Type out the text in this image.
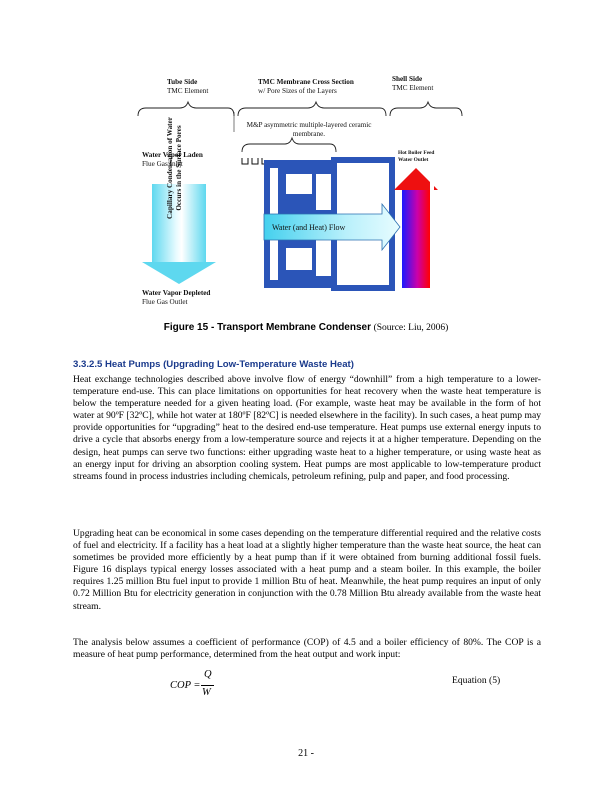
Tube Side
TMC Element
TMC Membrane Cross Section
w/ Pore Sizes of the Layers
Shell Side
TMC Element
M&P asymmetric multiple-layered ceramic
membrane.
Water Vapor Laden
Flue Gas Inlet
Hot Boiler Feed
Water Outlet
Capillary Condensation of Water
Occurs in the Surface Pores
Water (and Heat) Flow
Water Vapor Depleted
Flue Gas Outlet
Figure 15 - Transport Membrane Condenser (Source: Liu, 2006)
3.3.2.5 Heat Pumps (Upgrading Low-Temperature Waste Heat)

Heat exchange technologies described above involve flow of energy “downhill” from a high temperature to a lower-temperature end-use. This can place limitations on opportunities for heat recovery when the waste heat temperature is below the temperature needed for a given heating load. (For example, waste heat may be available in the form of hot water at 90ºF [32ºC], while hot water at 180ºF [82ºC] is needed elsewhere in the facility). In such cases, a heat pump may provide opportunities for “upgrading” heat to the desired end-use temperature. Heat pumps use external energy inputs to drive a cycle that absorbs energy from a low-temperature source and rejects it at a higher temperature. Depending on the design, heat pumps can serve two functions: either upgrading waste heat to a higher temperature, or using waste heat as an energy input for driving an absorption cooling system. Heat pumps are most applicable to low-temperature product streams found in process industries including chemicals, petroleum refining, pulp and paper, and food processing.

Upgrading heat can be economical in some cases depending on the temperature differential required and the relative costs of fuel and electricity. If a facility has a heat load at a slightly higher temperature than the waste heat source, the heat can sometimes be provided more efficiently by a heat pump than if it were obtained from burning additional fossil fuels. Figure 16 displays typical energy losses associated with a heat pump and a steam boiler. In this example, the boiler requires 1.25 million Btu fuel input to provide 1 million Btu of heat. Meanwhile, the heat pump requires an input of only 0.72 Million Btu for electricity generation in conjunction with the 0.78 Million Btu already available from the waste heat stream.

The analysis below assumes a coefficient of performance (COP) of 4.5 and a boiler efficiency of 80%. The COP is a measure of heat pump performance, determined from the heat output and work input:

COP =
Q
W
Equation (5)
21 -
